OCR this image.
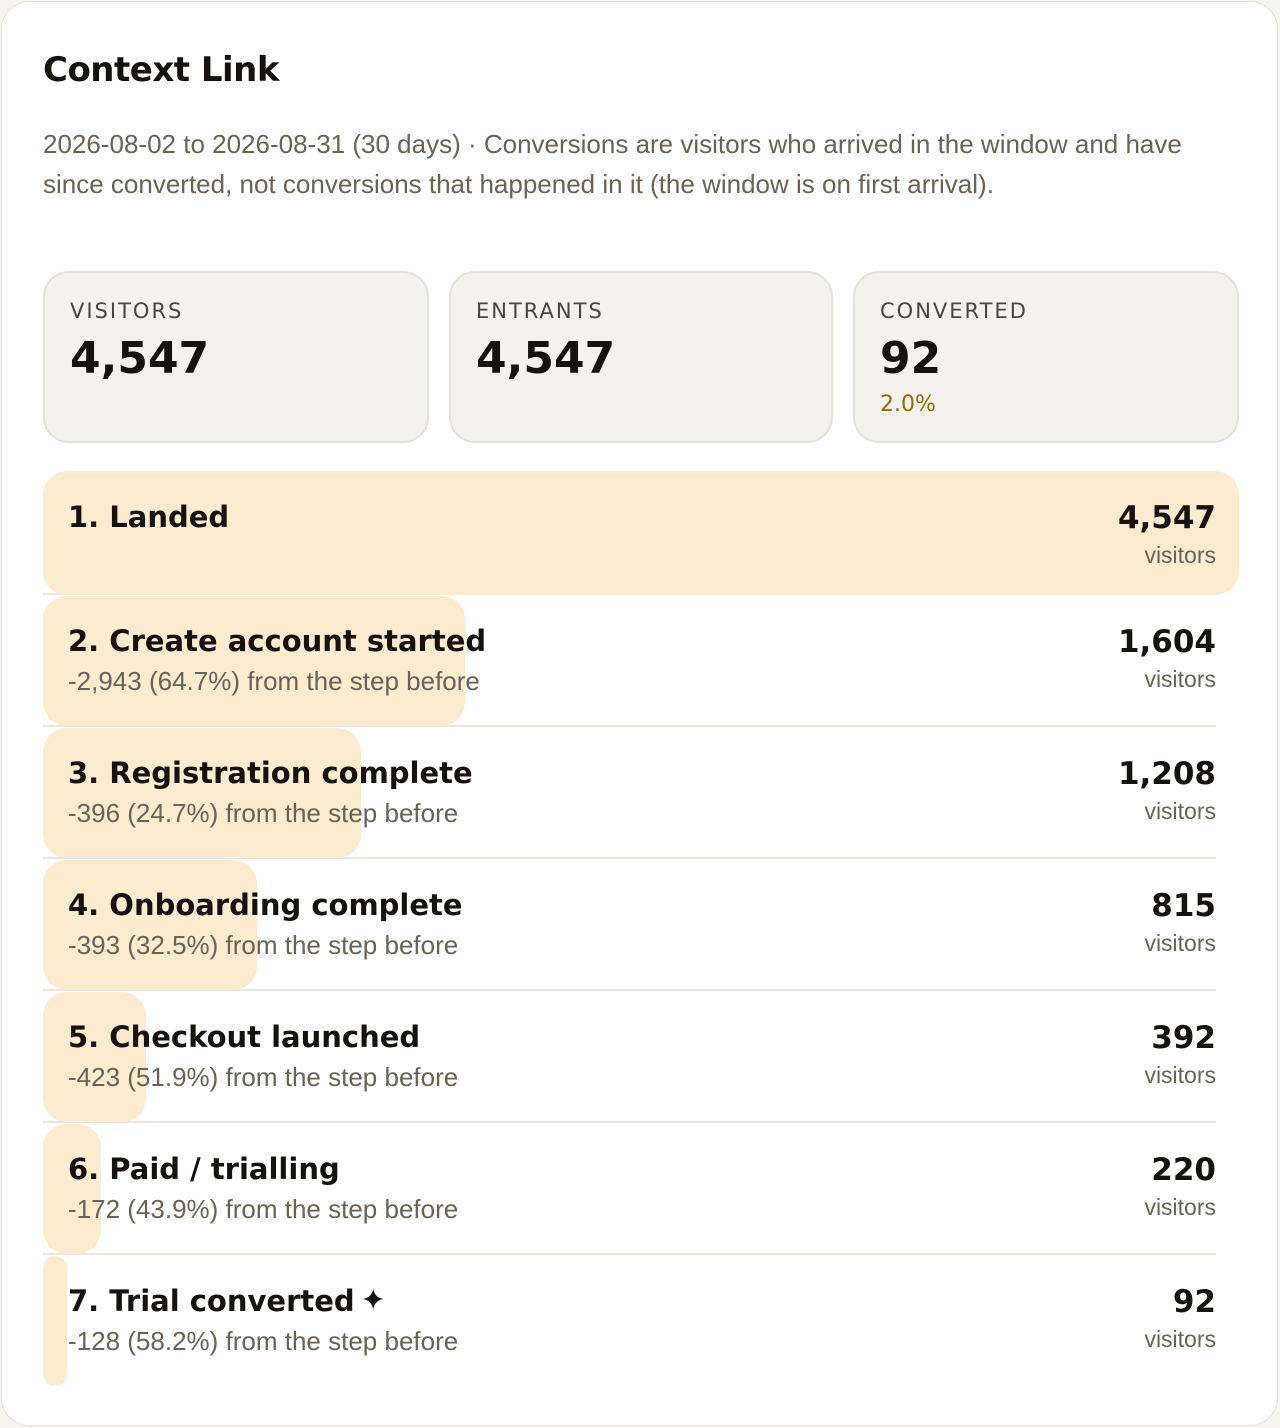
Context Link

2026-08-02 to 2026-08-31 (30 days) · Conversions are visitors who arrived in the window and have since converted, not conversions that happened in it (the window is on first arrival).

VISITORS
4,547
ENTRANTS
4,547
CONVERTED
92
2.0%
1. Landed	4,547
visitors
2. Create account started
-2,943 (64.7%) from the step before
1,604
visitors
3. Registration complete
-396 (24.7%) from the step before
1,208
visitors
4. Onboarding complete
-393 (32.5%) from the step before
815
visitors
5. Checkout launched
-423 (51.9%) from the step before
392
visitors
6. Paid / trialling
-172 (43.9%) from the step before
220
visitors
7. Trial converted ✦
-128 (58.2%) from the step before
92
visitors
